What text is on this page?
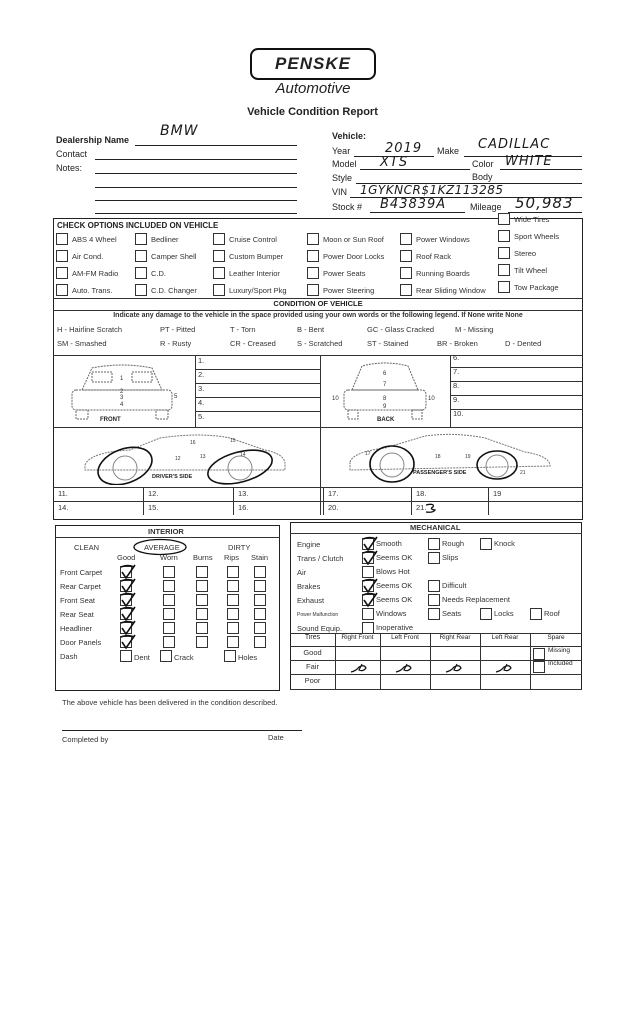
PENSKE
Automotive
Vehicle Condition Report
Dealership Name
BMW
Contact
Notes:
Vehicle:
Year	2019 Make CADILLAC
Model XTS	Color WHITE
Style	Body
VIN 1GYKNCR$1KZ113285
Stock # B43839A	Mileage 50,983
CHECK OPTIONS INCLUDED ON VEHICLE
ABS 4 Wheel
Air Cond.
AM-FM Radio
Auto. Trans.
Bedliner
Camper Shell
C.D.
C.D. Changer
Cruise Control
Custom Bumper
Leather Interior
Luxury/Sport Pkg
Moon or Sun Roof
Power Door Locks
Power Seats
Power Steering
Power Windows
Roof Rack
Running Boards
Rear Sliding Window
Wide Tires
Sport Wheels
Stereo
Tilt Wheel
Tow Package
CONDITION OF VEHICLE
Indicate any damage to the vehicle in the space provided using your own words or the following legend. If None write None
H - Hairline Scratch	PT - Pitted	T - Torn	B - Bent	GC - Glass Cracked	M - Missing
SM - Smashed	R - Rusty	CR - Creased	S - Scratched	ST - Stained	BR - Broken	D - Dented
1.	6.
2.	7.
3.	8.
4.	9.
5.	10.
11.	12.	13.	17.	18.	19
14.	15.	16.	20.	21.
1
2
3
4
5
FRONT
6
7
8
9
10	10
BACK
16	15
12	13	14
DRIVER'S SIDE
17	18	19
21
PASSENGER'S SIDE
INTERIOR
CLEAN	AVERAGE	DIRTY
Good	Worn Burns Rips Stain
Front Carpet
Rear Carpet
Front Seat
Rear Seat
Headliner
Door Panels
Dash	Dent	Crack	Holes
MECHANICAL
Engine	Smooth	Rough	Knock
Trans / Clutch	Seems OK	Slips
Air	Blows Hot
Brakes	Seems OK	Difficult
Exhaust	Seems OK	Needs Replacement
Power Malfunction	Windows	Seats	Locks	Roof
Sound Equip.	Inoperative
Tires	Right Front	Left Front	Right Rear	Left Rear	Spare
Good
Fair
Poor
Missing
Included
The above vehicle has been delivered in the condition described.
Completed by	Date
